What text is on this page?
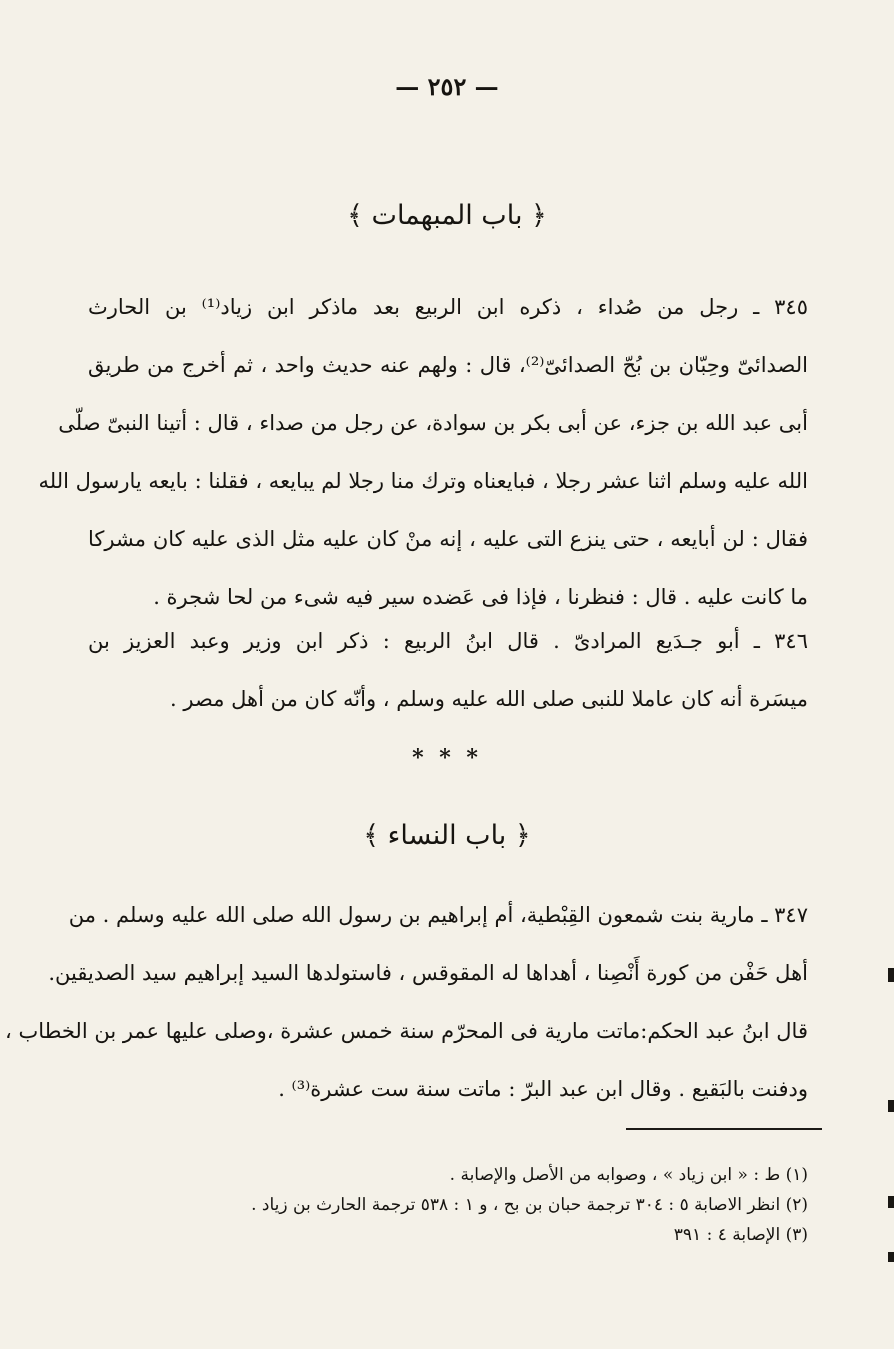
— ٢٥٢ —
﴿ باب المبهمات ﴾
٣٤٥ ـ رجل من صُداء ، ذكره ابن الربيع بعد ماذكر ابن زياد⁽¹⁾ بن الحارث
الصدائىّ وحِبّان بن بُحّ الصدائىّ⁽²⁾، قال : ولهم عنه حديث واحد ، ثم أخرج من طريق
أبى عبد الله بن جزء، عن أبى بكر بن سوادة، عن رجل من صداء ، قال : أتينا النبىّ صلّى
الله عليه وسلم اثنا عشر رجلا ، فبايعناه وترك منا رجلا لم يبايعه ، فقلنا : بايعه يارسول الله
فقال : لن أبايعه ، حتى ينزع التى عليه ، إنه منْ كان عليه مثل الذى عليه كان مشركا
ما كانت عليه . قال : فنظرنا ، فإذا فى عَضده سير فيه شىء من لحا شجرة .
٣٤٦ ـ أبو جـدَيع المرادىّ . قال ابنُ الربيع : ذكر ابن وزير وعبد العزيز بن
ميسَرة أنه كان عاملا للنبى صلى الله عليه وسلم ، وأنّه كان من أهل مصر .
* * *
﴿ باب النساء ﴾
٣٤٧ ـ مارية بنت شمعون القِبْطية، أم إبراهيم بن رسول الله صلى الله عليه وسلم . من
أهل حَفْن من كورة أَنْصِنا ، أهداها له المقوقس ، فاستولدها السيد إبراهيم سيد الصديقين.
قال ابنُ عبد الحكم:ماتت مارية فى المحرّم سنة خمس عشرة ،وصلى عليها عمر بن الخطاب ،
ودفنت بالبَقيع . وقال ابن عبد البرّ : ماتت سنة ست عشرة⁽³⁾ .
(١) ط : « ابن زياد » ، وصوابه من الأصل والإصابة .
(٢) انظر الاصابة ٥ : ٣٠٤ ترجمة حبان بن بح ، و ١ : ٥٣٨ ترجمة الحارث بن زياد .
(٣) الإصابة ٤ : ٣٩١
